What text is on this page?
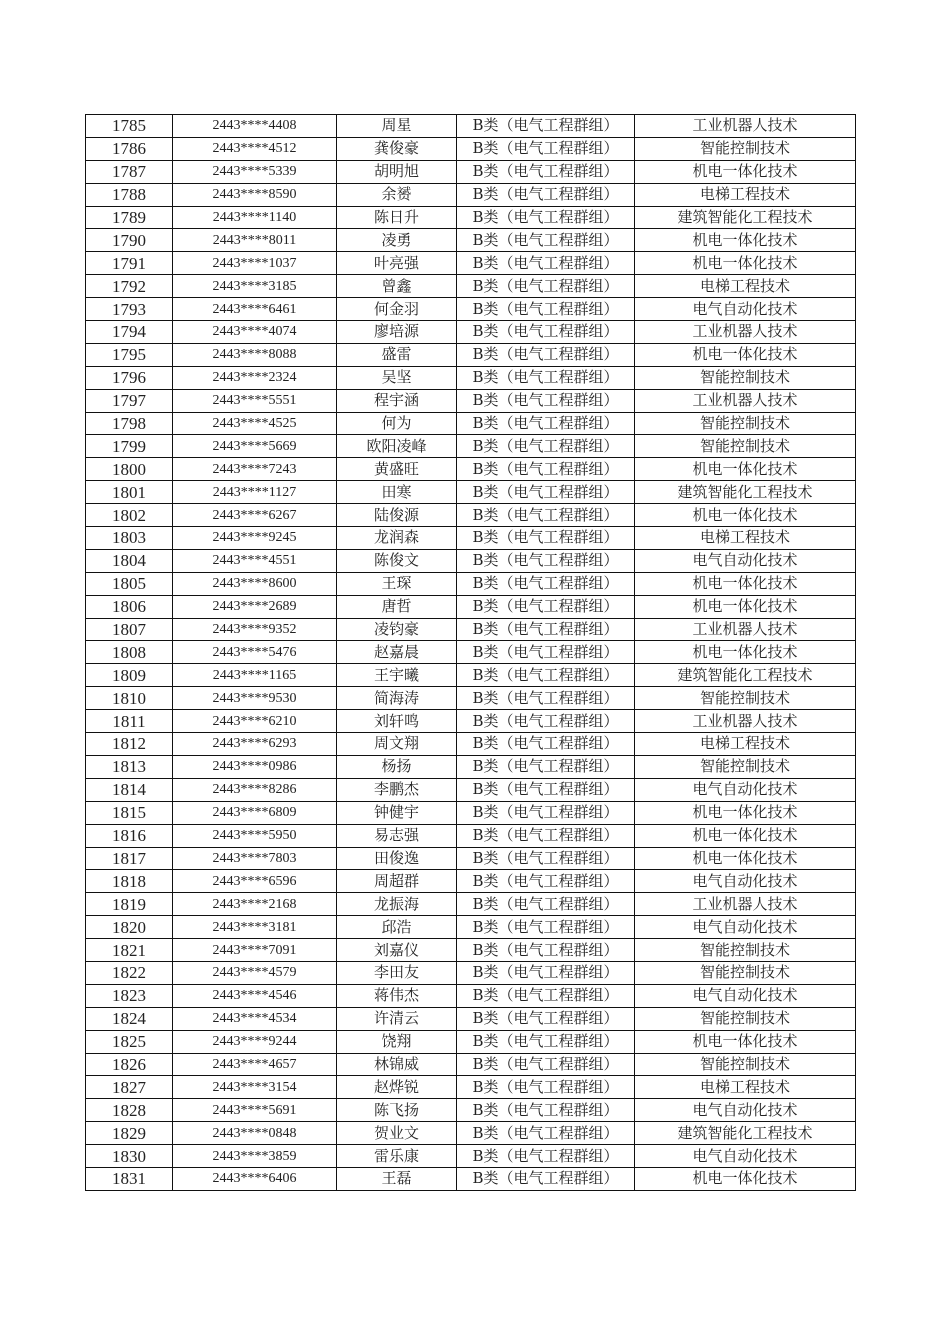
1785	2443****4408	周星	B类（电气工程群组）	工业机器人技术
1786	2443****4512	龚俊豪	B类（电气工程群组）	智能控制技术
1787	2443****5339	胡明旭	B类（电气工程群组）	机电一体化技术
1788	2443****8590	余赟	B类（电气工程群组）	电梯工程技术
1789	2443****1140	陈日升	B类（电气工程群组）	建筑智能化工程技术
1790	2443****8011	凌勇	B类（电气工程群组）	机电一体化技术
1791	2443****1037	叶亮强	B类（电气工程群组）	机电一体化技术
1792	2443****3185	曾鑫	B类（电气工程群组）	电梯工程技术
1793	2443****6461	何金羽	B类（电气工程群组）	电气自动化技术
1794	2443****4074	廖培源	B类（电气工程群组）	工业机器人技术
1795	2443****8088	盛雷	B类（电气工程群组）	机电一体化技术
1796	2443****2324	吴坚	B类（电气工程群组）	智能控制技术
1797	2443****5551	程宇涵	B类（电气工程群组）	工业机器人技术
1798	2443****4525	何为	B类（电气工程群组）	智能控制技术
1799	2443****5669	欧阳凌峰	B类（电气工程群组）	智能控制技术
1800	2443****7243	黄盛旺	B类（电气工程群组）	机电一体化技术
1801	2443****1127	田寒	B类（电气工程群组）	建筑智能化工程技术
1802	2443****6267	陆俊源	B类（电气工程群组）	机电一体化技术
1803	2443****9245	龙润森	B类（电气工程群组）	电梯工程技术
1804	2443****4551	陈俊文	B类（电气工程群组）	电气自动化技术
1805	2443****8600	王琛	B类（电气工程群组）	机电一体化技术
1806	2443****2689	唐哲	B类（电气工程群组）	机电一体化技术
1807	2443****9352	凌钧豪	B类（电气工程群组）	工业机器人技术
1808	2443****5476	赵嘉晨	B类（电气工程群组）	机电一体化技术
1809	2443****1165	王宇曦	B类（电气工程群组）	建筑智能化工程技术
1810	2443****9530	简海涛	B类（电气工程群组）	智能控制技术
1811	2443****6210	刘轩鸣	B类（电气工程群组）	工业机器人技术
1812	2443****6293	周文翔	B类（电气工程群组）	电梯工程技术
1813	2443****0986	杨扬	B类（电气工程群组）	智能控制技术
1814	2443****8286	李鹏杰	B类（电气工程群组）	电气自动化技术
1815	2443****6809	钟健宇	B类（电气工程群组）	机电一体化技术
1816	2443****5950	易志强	B类（电气工程群组）	机电一体化技术
1817	2443****7803	田俊逸	B类（电气工程群组）	机电一体化技术
1818	2443****6596	周超群	B类（电气工程群组）	电气自动化技术
1819	2443****2168	龙振海	B类（电气工程群组）	工业机器人技术
1820	2443****3181	邱浩	B类（电气工程群组）	电气自动化技术
1821	2443****7091	刘嘉仪	B类（电气工程群组）	智能控制技术
1822	2443****4579	李田友	B类（电气工程群组）	智能控制技术
1823	2443****4546	蒋伟杰	B类（电气工程群组）	电气自动化技术
1824	2443****4534	许清云	B类（电气工程群组）	智能控制技术
1825	2443****9244	饶翔	B类（电气工程群组）	机电一体化技术
1826	2443****4657	林锦威	B类（电气工程群组）	智能控制技术
1827	2443****3154	赵烨锐	B类（电气工程群组）	电梯工程技术
1828	2443****5691	陈飞扬	B类（电气工程群组）	电气自动化技术
1829	2443****0848	贺业文	B类（电气工程群组）	建筑智能化工程技术
1830	2443****3859	雷乐康	B类（电气工程群组）	电气自动化技术
1831	2443****6406	王磊	B类（电气工程群组）	机电一体化技术
